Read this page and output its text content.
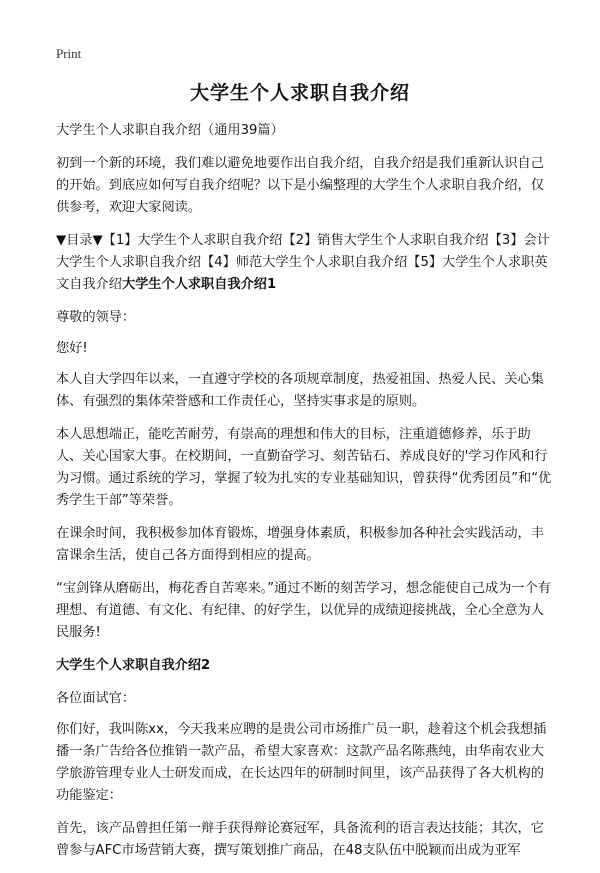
Print
大学生个人求职自我介绍

大学生个人求职自我介绍（通用39篇）

初到一个新的环境，我们难以避免地要作出自我介绍，自我介绍是我们重新认识自己的开始。到底应如何写自我介绍呢？以下是小编整理的大学生个人求职自我介绍，仅供参考，欢迎大家阅读。

▼目录▼【1】大学生个人求职自我介绍【2】销售大学生个人求职自我介绍【3】会计大学生个人求职自我介绍【4】师范大学生个人求职自我介绍【5】大学生个人求职英文自我介绍大学生个人求职自我介绍1

尊敬的领导：

您好!

本人自大学四年以来，一直遵守学校的各项规章制度，热爱祖国、热爱人民、关心集体、有强烈的集体荣誉感和工作责任心，坚持实事求是的原则。

本人思想端正，能吃苦耐劳，有崇高的理想和伟大的目标，注重道德修养，乐于助人、关心国家大事。在校期间，一直勤奋学习、刻苦钻石、养成良好的'学习作风和行为习惯。通过系统的学习，掌握了较为扎实的专业基础知识，曾获得“优秀团员”和“优秀学生干部”等荣誉。

在课余时间，我积极参加体育锻炼，增强身体素质，积极参加各种社会实践活动，丰富课余生活，使自己各方面得到相应的提高。

“宝剑锋从磨砺出，梅花香自苦寒来。”通过不断的刻苦学习，想念能使自己成为一个有理想、有道德、有文化、有纪律、的好学生，以优异的成绩迎接挑战，全心全意为人民服务!

大学生个人求职自我介绍2

各位面试官：

你们好，我叫陈xx，今天我来应聘的是贵公司市场推广员一职，趁着这个机会我想插播一条广告给各位推销一款产品，希望大家喜欢：这款产品名陈燕纯，由华南农业大学旅游管理专业人士研发而成，在长达四年的研制时间里，该产品获得了各大机构的功能鉴定：

首先，该产品曾担任第一辩手获得辩论赛冠军，具备流利的语言表达技能；其次，它曾参与AFC市场营销大赛，撰写策划推广商品，在48支队伍中脱颖而出成为亚军
